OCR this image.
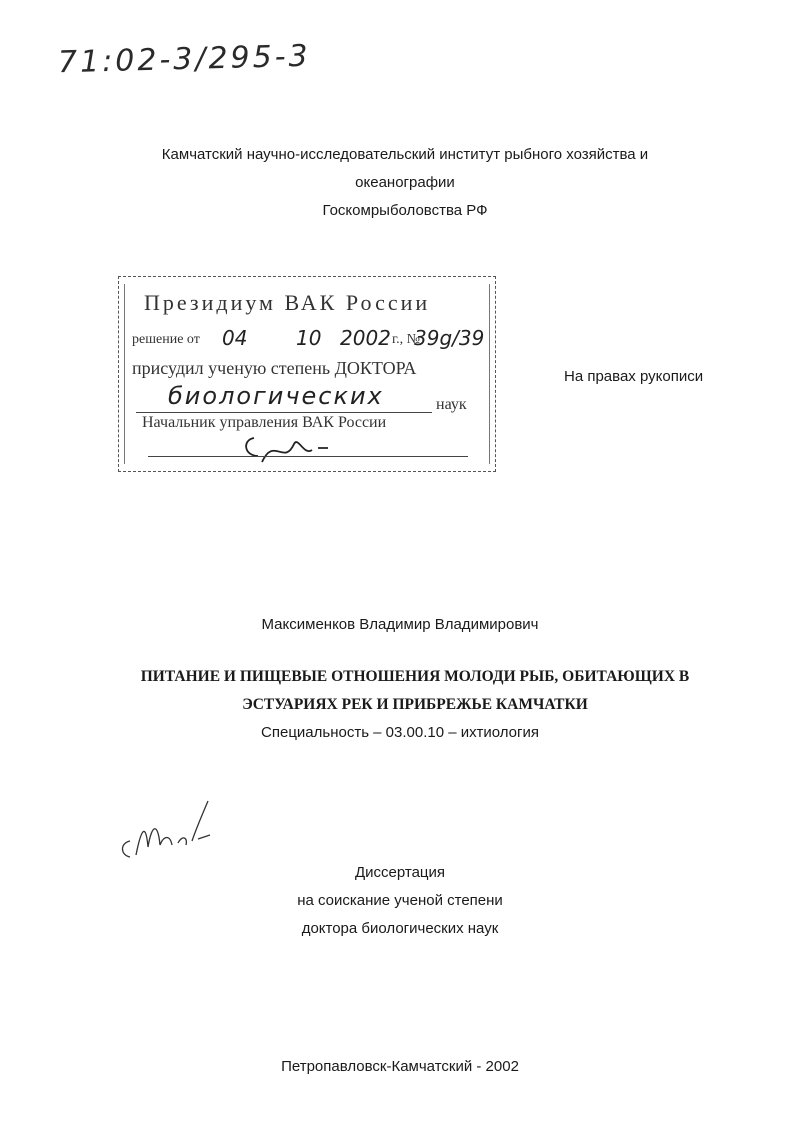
71:02-3/295-3
Камчатский научно-исследовательский институт рыбного хозяйства и
океанографии
Госкомрыболовства РФ
Президиум ВАК России
решение от 04 10 2002 г., №
39g/39
присудил ученую степень ДОКТОРА
биологических	наук
Начальник управления ВАК России
На правах рукописи
Максименков Владимир Владимирович
ПИТАНИЕ И ПИЩЕВЫЕ ОТНОШЕНИЯ МОЛОДИ РЫБ, ОБИТАЮЩИХ В
ЭСТУАРИЯХ РЕК И ПРИБРЕЖЬЕ КАМЧАТКИ
Специальность – 03.00.10 – ихтиология
Диссертация
на соискание ученой степени
доктора биологических наук
Петропавловск-Камчатский - 2002
